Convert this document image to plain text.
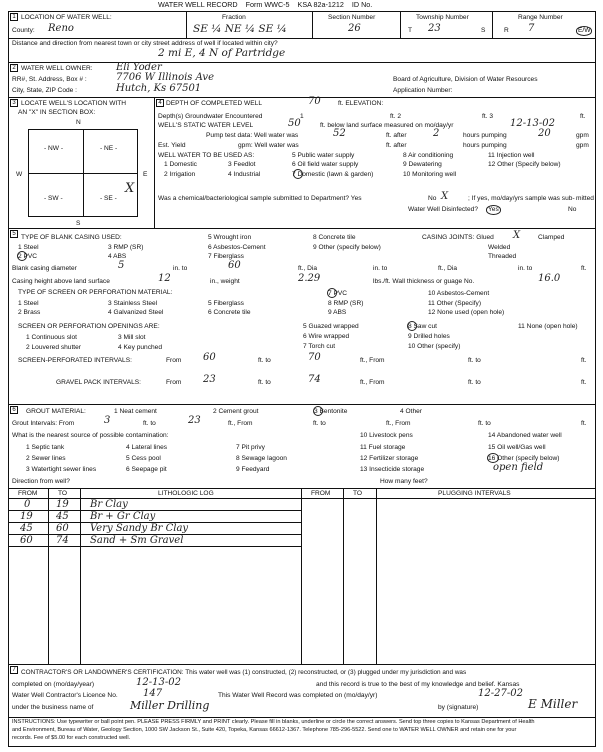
WATER WELL RECORD Form WWC-5 KSA 82a-1212 ID No.
1 LOCATION OF WATER WELL:
County: Reno
Fraction
SE ¼ NE ¼ SE ¼
Section Number
26
Township Number
T 23	S
Range Number
R 7	E/W
Distance and direction from nearest town or city street address of well if located within city?
2 mi E, 4 N of Partridge
2 WATER WELL OWNER: Eli Yoder
RR#, St. Address, Box # :	7706 W Illinois Ave
City, State, ZIP Code :	Hutch, Ks 67501
Board of Agriculture, Division of Water Resources
Application Number:
3 LOCATE WELL'S LOCATION WITH
AN "X" IN SECTION BOX:
N
S
W	E
- NW -	- NE -
- SW -	- SE -
X
4 DEPTH OF COMPLETED WELL	70	ft. ELEVATION:
Depth(s) Groundwater Encountered	1	ft. 2	ft. 3	ft.
WELL'S STATIC WATER LEVEL	50	ft. below land surface measured on mo/day/yr	12-13-02
Pump test data: Well water was	52	ft. after	2	hours pumping	20	gpm
Est. Yield	gpm: Well water was	ft. after	hours pumping	gpm
WELL WATER TO BE USED AS:
1 Domestic	3 Feedlot
5 Public water supply	8 Air conditioning	11 Injection well
2 Irrigation	4 Industrial	7 Domestic (lawn & garden)	10 Monitoring well
6 Oil field water supply	9 Dewatering	12 Other (Specify below)
Was a chemical/bacteriological sample submitted to Department? Yes	No X	; If yes, mo/day/yrs sample was sub- mitted
Water Well Disinfected?	Yes	No
5 TYPE OF BLANK CASING USED:
1 Steel	3 RMP (SR)
5 Wrought iron	8 Concrete tile
2 PVC	4 ABS
6 Asbestos-Cement	9 Other (specify below)
7 Fiberglass
CASING JOINTS: Glued X	Clamped
Welded
Threaded
Blank casing diameter	5	in. to	60	ft., Dia	in. to	ft., Dia	in. to	ft.
Casing height above land surface	12	in., weight	2.29	lbs./ft. Wall thickness or guage No.	16.0
TYPE OF SCREEN OR PERFORATION MATERIAL:
1 Steel	3 Stainless Steel	5 Fiberglass
7 PVC	10 Asbestos-Cement
2 Brass	4 Galvanized Steel	6 Concrete tile
8 RMP (SR)	11 Other (Specify)
9 ABS	12 None used (open hole)
SCREEN OR PERFORATION OPENINGS ARE:
1 Continuous slot	3 Mill slot
5 Guazed wrapped	8 Saw cut	11 None (open hole)
2 Louvered shutter	4 Key punched
6 Wire wrapped	9 Drilled holes
7 Torch cut	10 Other (specify)
SCREEN-PERFORATED INTERVALS:	From 60	ft. to	70	ft., From	ft. to	ft.
GRAVEL PACK INTERVALS:	From 23	ft. to	74	ft., From	ft. to	ft.
6	GROUT MATERIAL:	1 Neat cement	2 Cement grout	3 Bentonite	4 Other
Grout Intervals: From	3	ft. to	23	ft., From	ft. to	ft., From	ft. to	ft.
What is the nearest source of possible contamination:
1 Septic tank	4 Lateral lines	7 Pit privy
10 Livestock pens	14 Abandoned water well
2 Sewer lines	5 Cess pool	8 Sewage lagoon
11 Fuel storage	15 Oil well/Gas well
3 Watertight sewer lines	6 Seepage pit	9 Feedyard
12 Fertilizer storage	16 Other (specify below)
13 Insecticide storage	open field
Direction from well?	How many feet?
FROM	TO	LITHOLOGIC LOG	FROM	TO	PLUGGING INTERVALS
0	19 Br Clay
19 45 Br + Gr Clay
45 60 Very Sandy Br Clay
60 74 Sand + Sm Gravel
7 CONTRACTOR'S OR LANDOWNER'S CERTIFICATION: This water well was (1) constructed, (2) reconstructed, or (3) plugged under my jurisdiction and was
completed on (mo/day/year)	12-13-02	and this record is true to the best of my knowledge and belief. Kansas
Water Well Contractor's Licence No.	147	This Water Well Record was completed on (mo/day/yr)	12-27-02
under the business name of	Miller Drilling	by (signature)	E Miller
INSTRUCTIONS: Use typewriter or ball point pen. PLEASE PRESS FIRMLY and PRINT clearly. Please fill in blanks, underline or circle the correct answers. Send top three copies to Kansas Department of Health
and Environment, Bureau of Water, Geology Section, 1000 SW Jackson St., Suite 420, Topeka, Kansas 66612-1367. Telephone 785-296-5522. Send one to WATER WELL OWNER and retain one for your
records. Fee of $5.00 for each constructed well.
